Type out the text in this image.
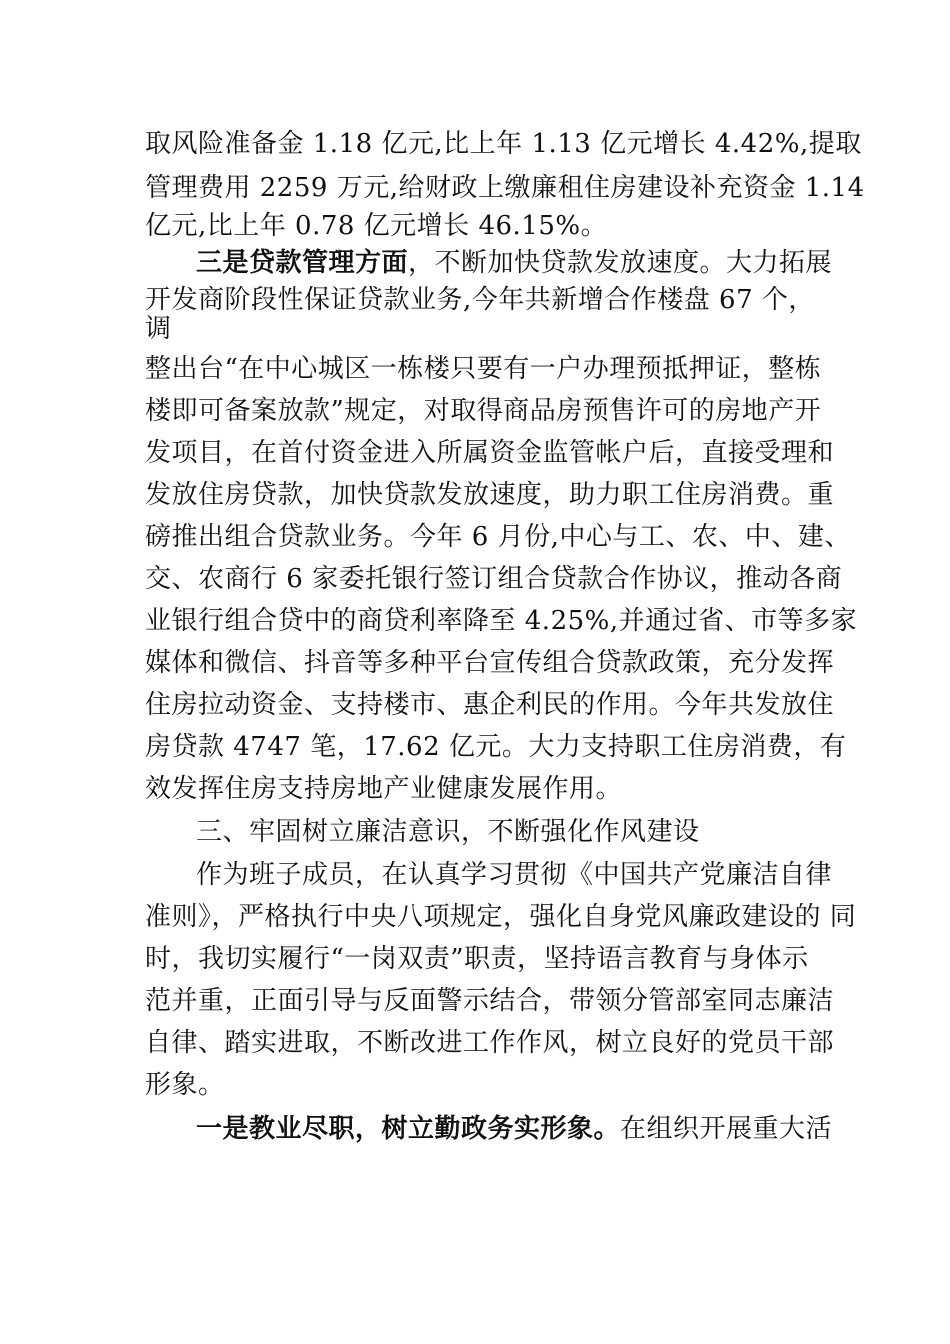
取风险准备金 1.18 亿元,比上年 1.13 亿元增长 4.42%,提取

管理费用 2259 万元,给财政上缴廉租住房建设补充资金 1.14

亿元,比上年 0.78 亿元增长 46.15%。

三是贷款管理方面，不断加快贷款发放速度。大力拓展

开发商阶段性保证贷款业务,今年共新增合作楼盘 67 个，

调

整出台“在中心城区一栋楼只要有一户办理预抵押证，整栋

楼即可备案放款”规定，对取得商品房预售许可的房地产开

发项目，在首付资金进入所属资金监管帐户后，直接受理和

发放住房贷款，加快贷款发放速度，助力职工住房消费。重

磅推出组合贷款业务。今年 6 月份,中心与工、农、中、建、

交、农商行 6 家委托银行签订组合贷款合作协议，推动各商

业银行组合贷中的商贷利率降至 4.25%,并通过省、市等多家

媒体和微信、抖音等多种平台宣传组合贷款政策，充分发挥

住房拉动资金、支持楼市、惠企利民的作用。今年共发放住

房贷款 4747 笔，17.62 亿元。大力支持职工住房消费，有

效发挥住房支持房地产业健康发展作用。

三、牢固树立廉洁意识，不断强化作风建设

作为班子成员，在认真学习贯彻《中国共产党廉洁自律

准则》，严格执行中央八项规定，强化自身党风廉政建设的 同

时，我切实履行“一岗双责”职责，坚持语言教育与身体示

范并重，正面引导与反面警示结合，带领分管部室同志廉洁

自律、踏实进取，不断改进工作作风，树立良好的党员干部

形象。

一是教业尽职，树立勤政务实形象。在组织开展重大活
